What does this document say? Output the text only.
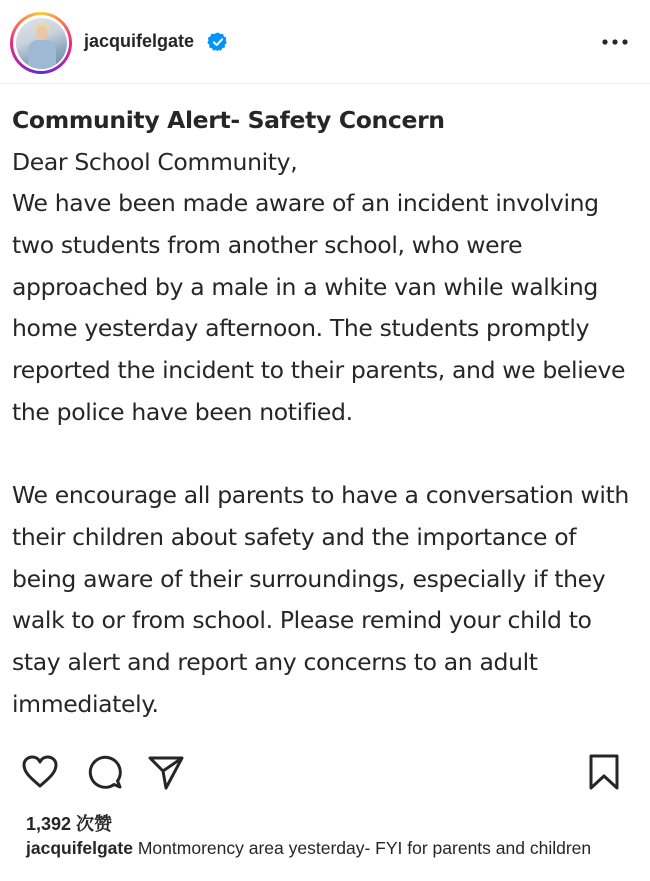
jacquifelgate
Community Alert- Safety Concern
Dear School Community,
We have been made aware of an incident involving
two students from another school, who were
approached by a male in a white van while walking
home yesterday afternoon. The students promptly
reported the incident to their parents, and we believe
the police have been notified.
We encourage all parents to have a conversation with
their children about safety and the importance of
being aware of their surroundings, especially if they
walk to or from school. Please remind your child to
stay alert and report any concerns to an adult
immediately.
1,392 次赞
jacquifelgate Montmorency area yesterday- FYI for parents and children
